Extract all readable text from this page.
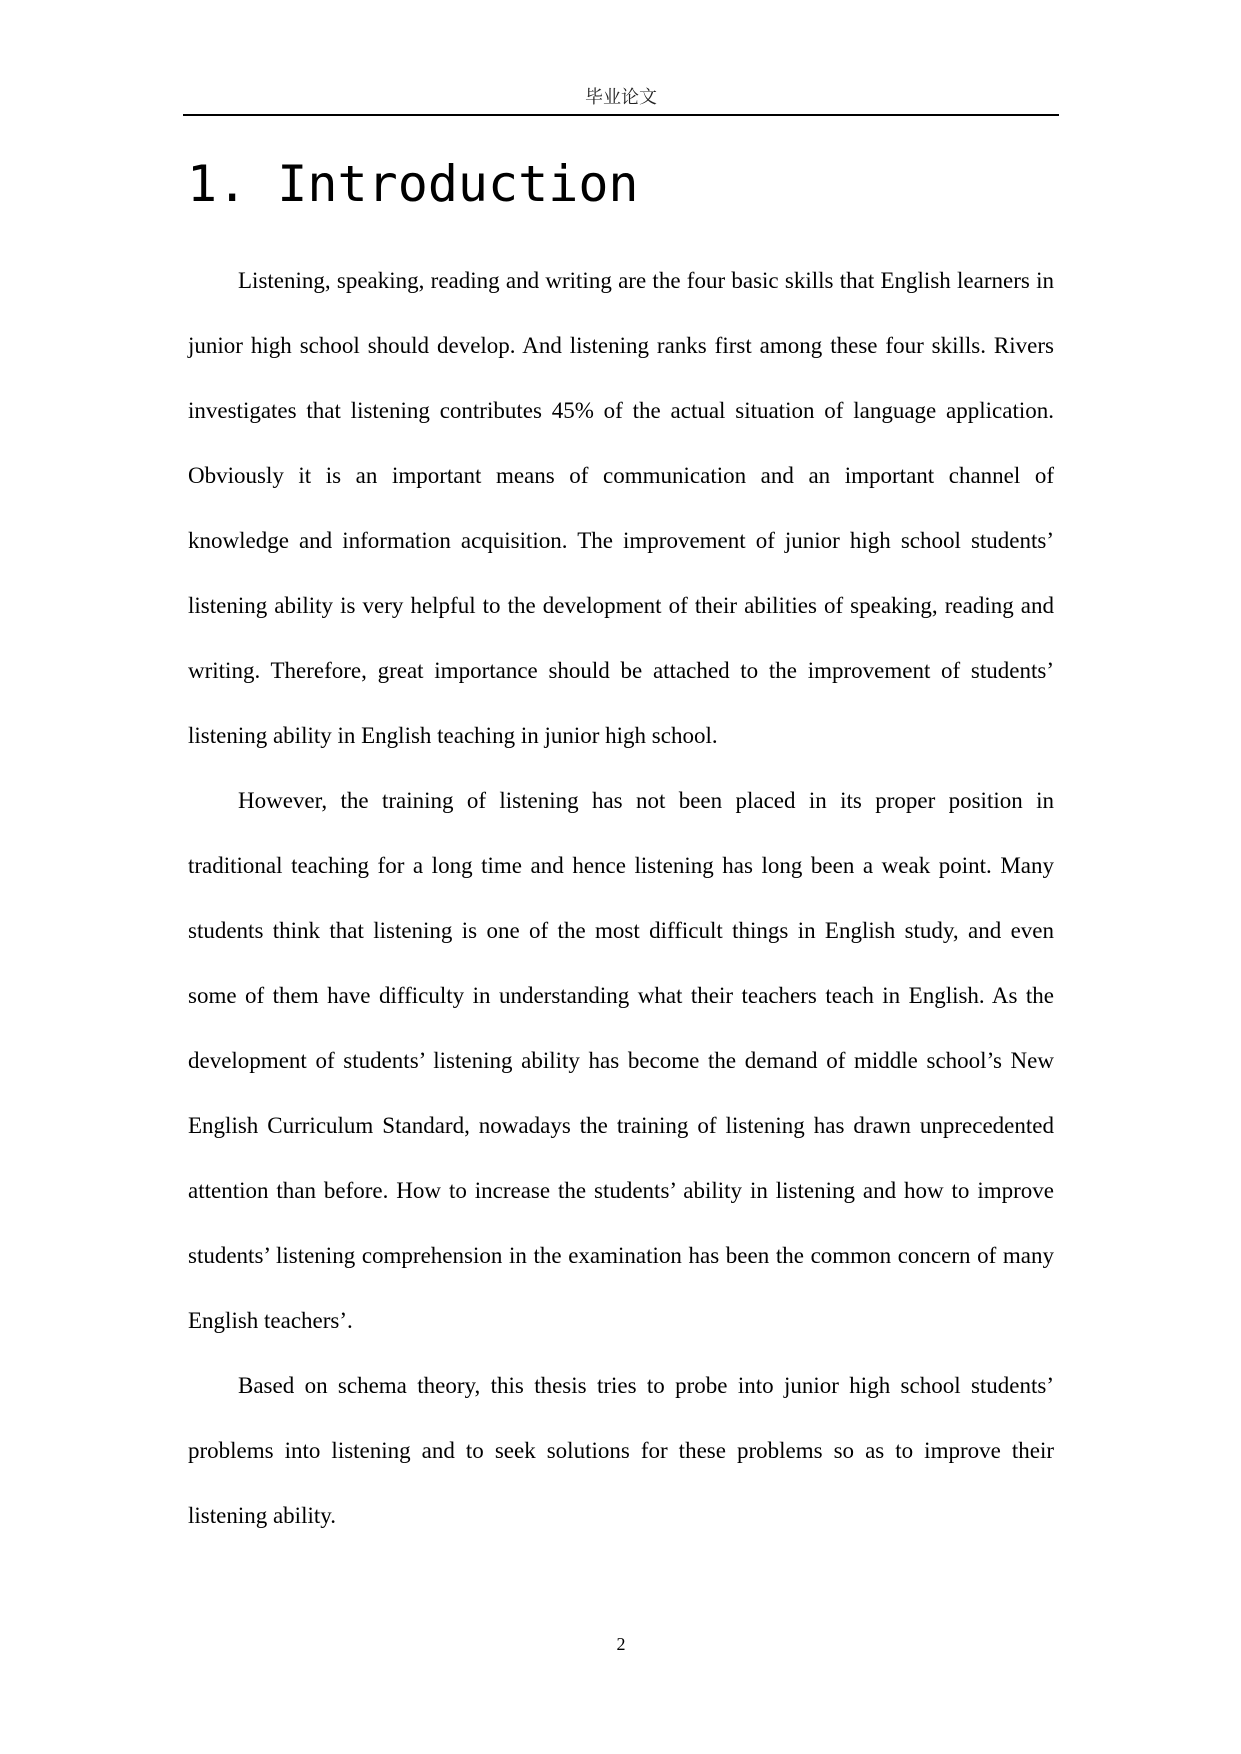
毕业论文
1. Introduction

Listening, speaking, reading and writing are the four basic skills that English learners in junior high school should develop. And listening ranks first among these four skills. Rivers investigates that listening contributes 45% of the actual situation of language application. Obviously it is an important means of communication and an important channel of knowledge and information acquisition. The improvement of junior high school students’ listening ability is very helpful to the development of their abilities of speaking, reading and writing. Therefore, great importance should be attached to the improvement of students’ listening ability in English teaching in junior high school.

However, the training of listening has not been placed in its proper position in traditional teaching for a long time and hence listening has long been a weak point. Many students think that listening is one of the most difficult things in English study, and even some of them have difficulty in understanding what their teachers teach in English. As the development of students’ listening ability has become the demand of middle school’s New English Curriculum Standard, nowadays the training of listening has drawn unprecedented attention than before. How to increase the students’ ability in listening and how to improve students’ listening comprehension in the examination has been the common concern of many English teachers’.

Based on schema theory, this thesis tries to probe into junior high school students’ problems into listening and to seek solutions for these problems so as to improve their listening ability.

2
